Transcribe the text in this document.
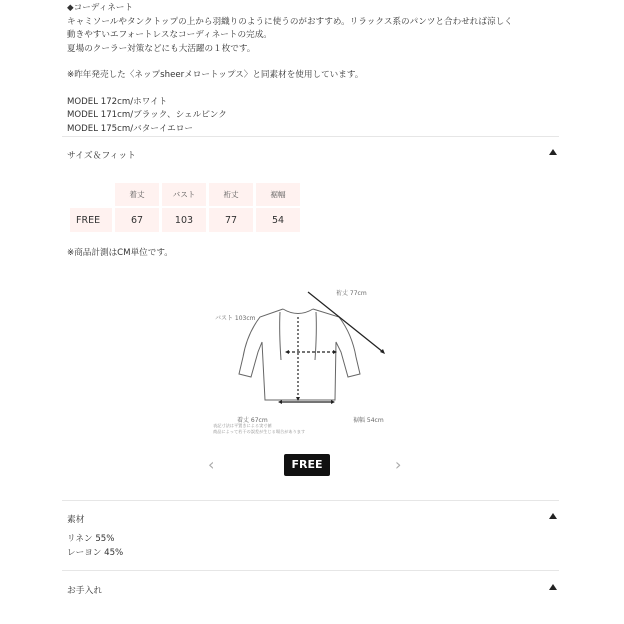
◆コーディネート
キャミソールやタンクトップの上から羽織りのように使うのがおすすめ。リラックス系のパンツと合わせれば涼しく
動きやすいエフォートレスなコーディネートの完成。
夏場のクーラー対策などにも大活躍の１枚です。
※昨年発売した〈ネップsheerメロートップス〉と同素材を使用しています。
MODEL 172cm/ホワイト
MODEL 171cm/ブラック、シェルピンク
MODEL 175cm/バターイエロー
サイズ＆フィット
	着丈	バスト	裄丈	裾幅
FREE	67	103	77	54
※商品計測はCM単位です。
裄丈 77cm
バスト 103cm
着丈 67cm	裾幅 54cm
表記寸法は平置きによる実寸値
商品によって若干の誤差が生じる場合があります
‹	FREE	›
素材
リネン 55%
レーヨン 45%
お手入れ
